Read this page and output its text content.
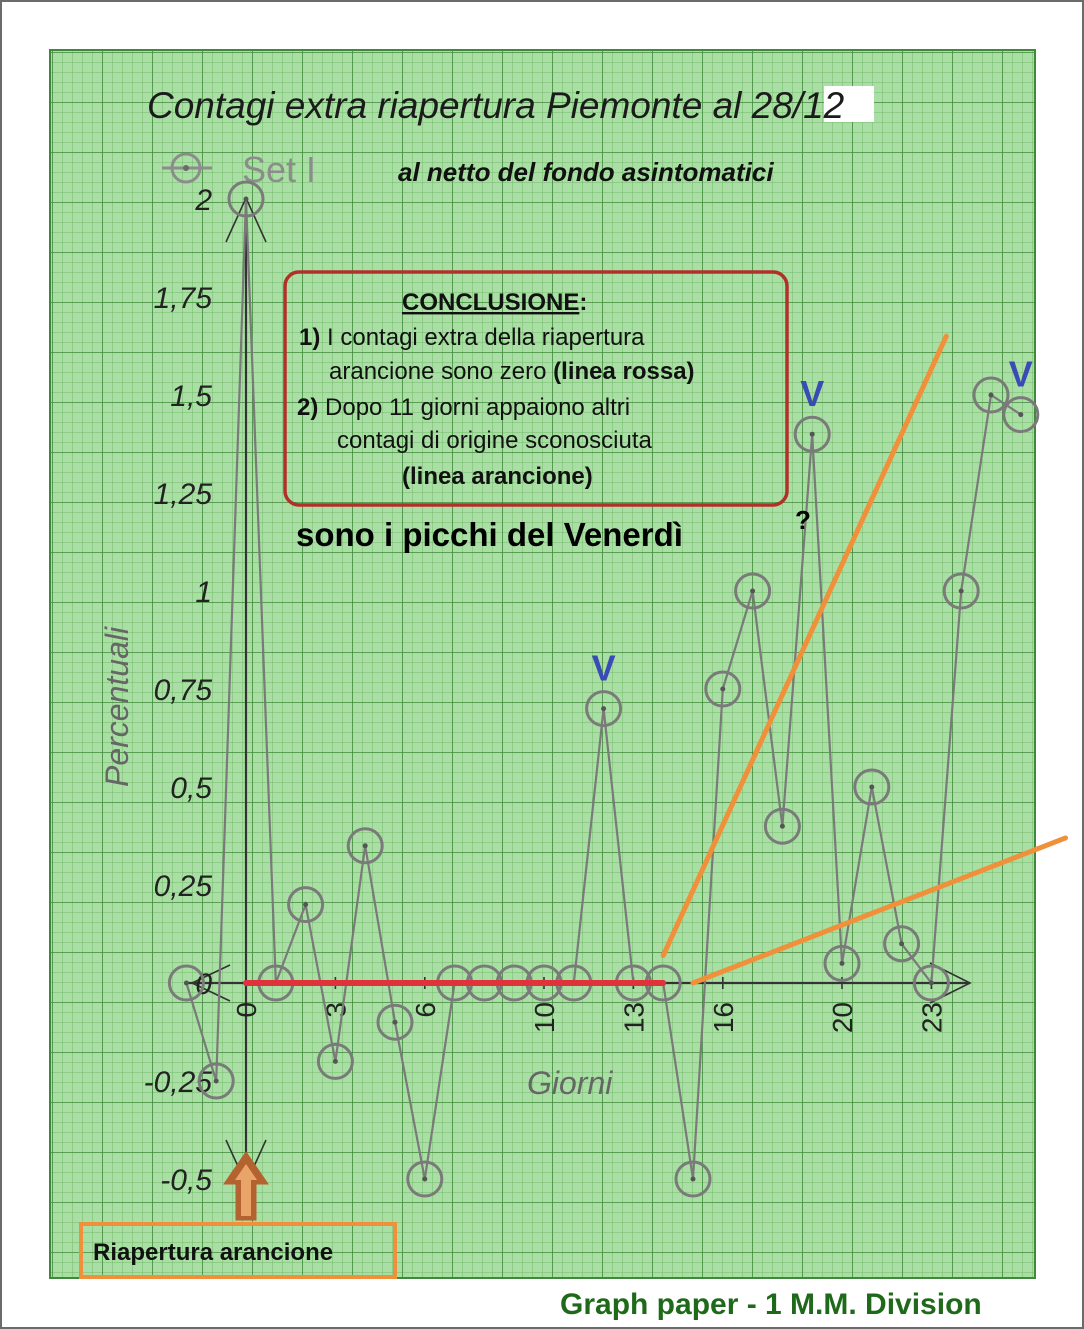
Contagi extra riapertura Piemonte al 28/12
al netto del fondo asintomatici
Set I
2
1,75
1,5
1,25
1
0,75
0,5
0,25
0
-0,25
-0,5
0 3 6	10 13 16	20 23
Percentuali
Giorni
V
V	V
CONCLUSIONE:
1) I contagi extra della riapertura
arancione sono zero (linea rossa)
2) Dopo 11 giorni appaiono altri
contagi di origine sconosciuta
(linea arancione)
sono i picchi del Venerdì	?
Riapertura arancione
Graph paper - 1 M.M. Division
